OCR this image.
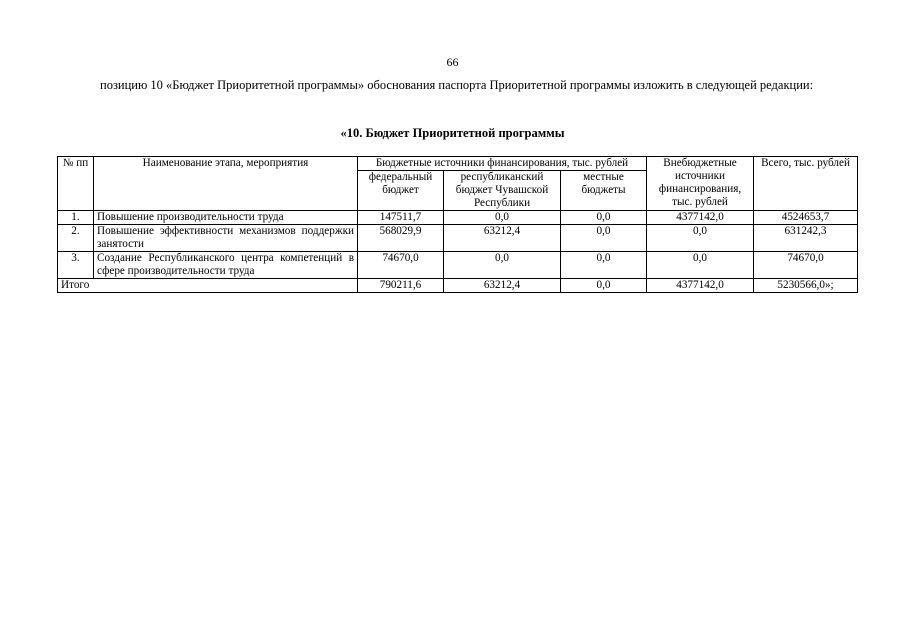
66

позицию 10 «Бюджет Приоритетной программы» обоснования паспорта Приоритетной программы изложить в следующей редакции:

«10. Бюджет Приоритетной программы
№ пп	Наименование этапа, мероприятия	Бюджетные источники финансирования, тыс. рублей			Внебюджетные источники финансирования, тыс. рублей	Всего, тыс. рублей
		федеральный бюджет	республиканский бюджет Чувашской Республики	местные бюджеты		
1.	Повышение производительности труда	147511,7	0,0	0,0	4377142,0	4524653,7
2.	Повышение эффективности механизмов поддержки занятости	568029,9	63212,4	0,0	0,0	631242,3
3.	Создание Республиканского центра компетенций в сфере производительности труда	74670,0	0,0	0,0	0,0	74670,0
Итого		790211,6	63212,4	0,0	4377142,0	5230566,0»;
